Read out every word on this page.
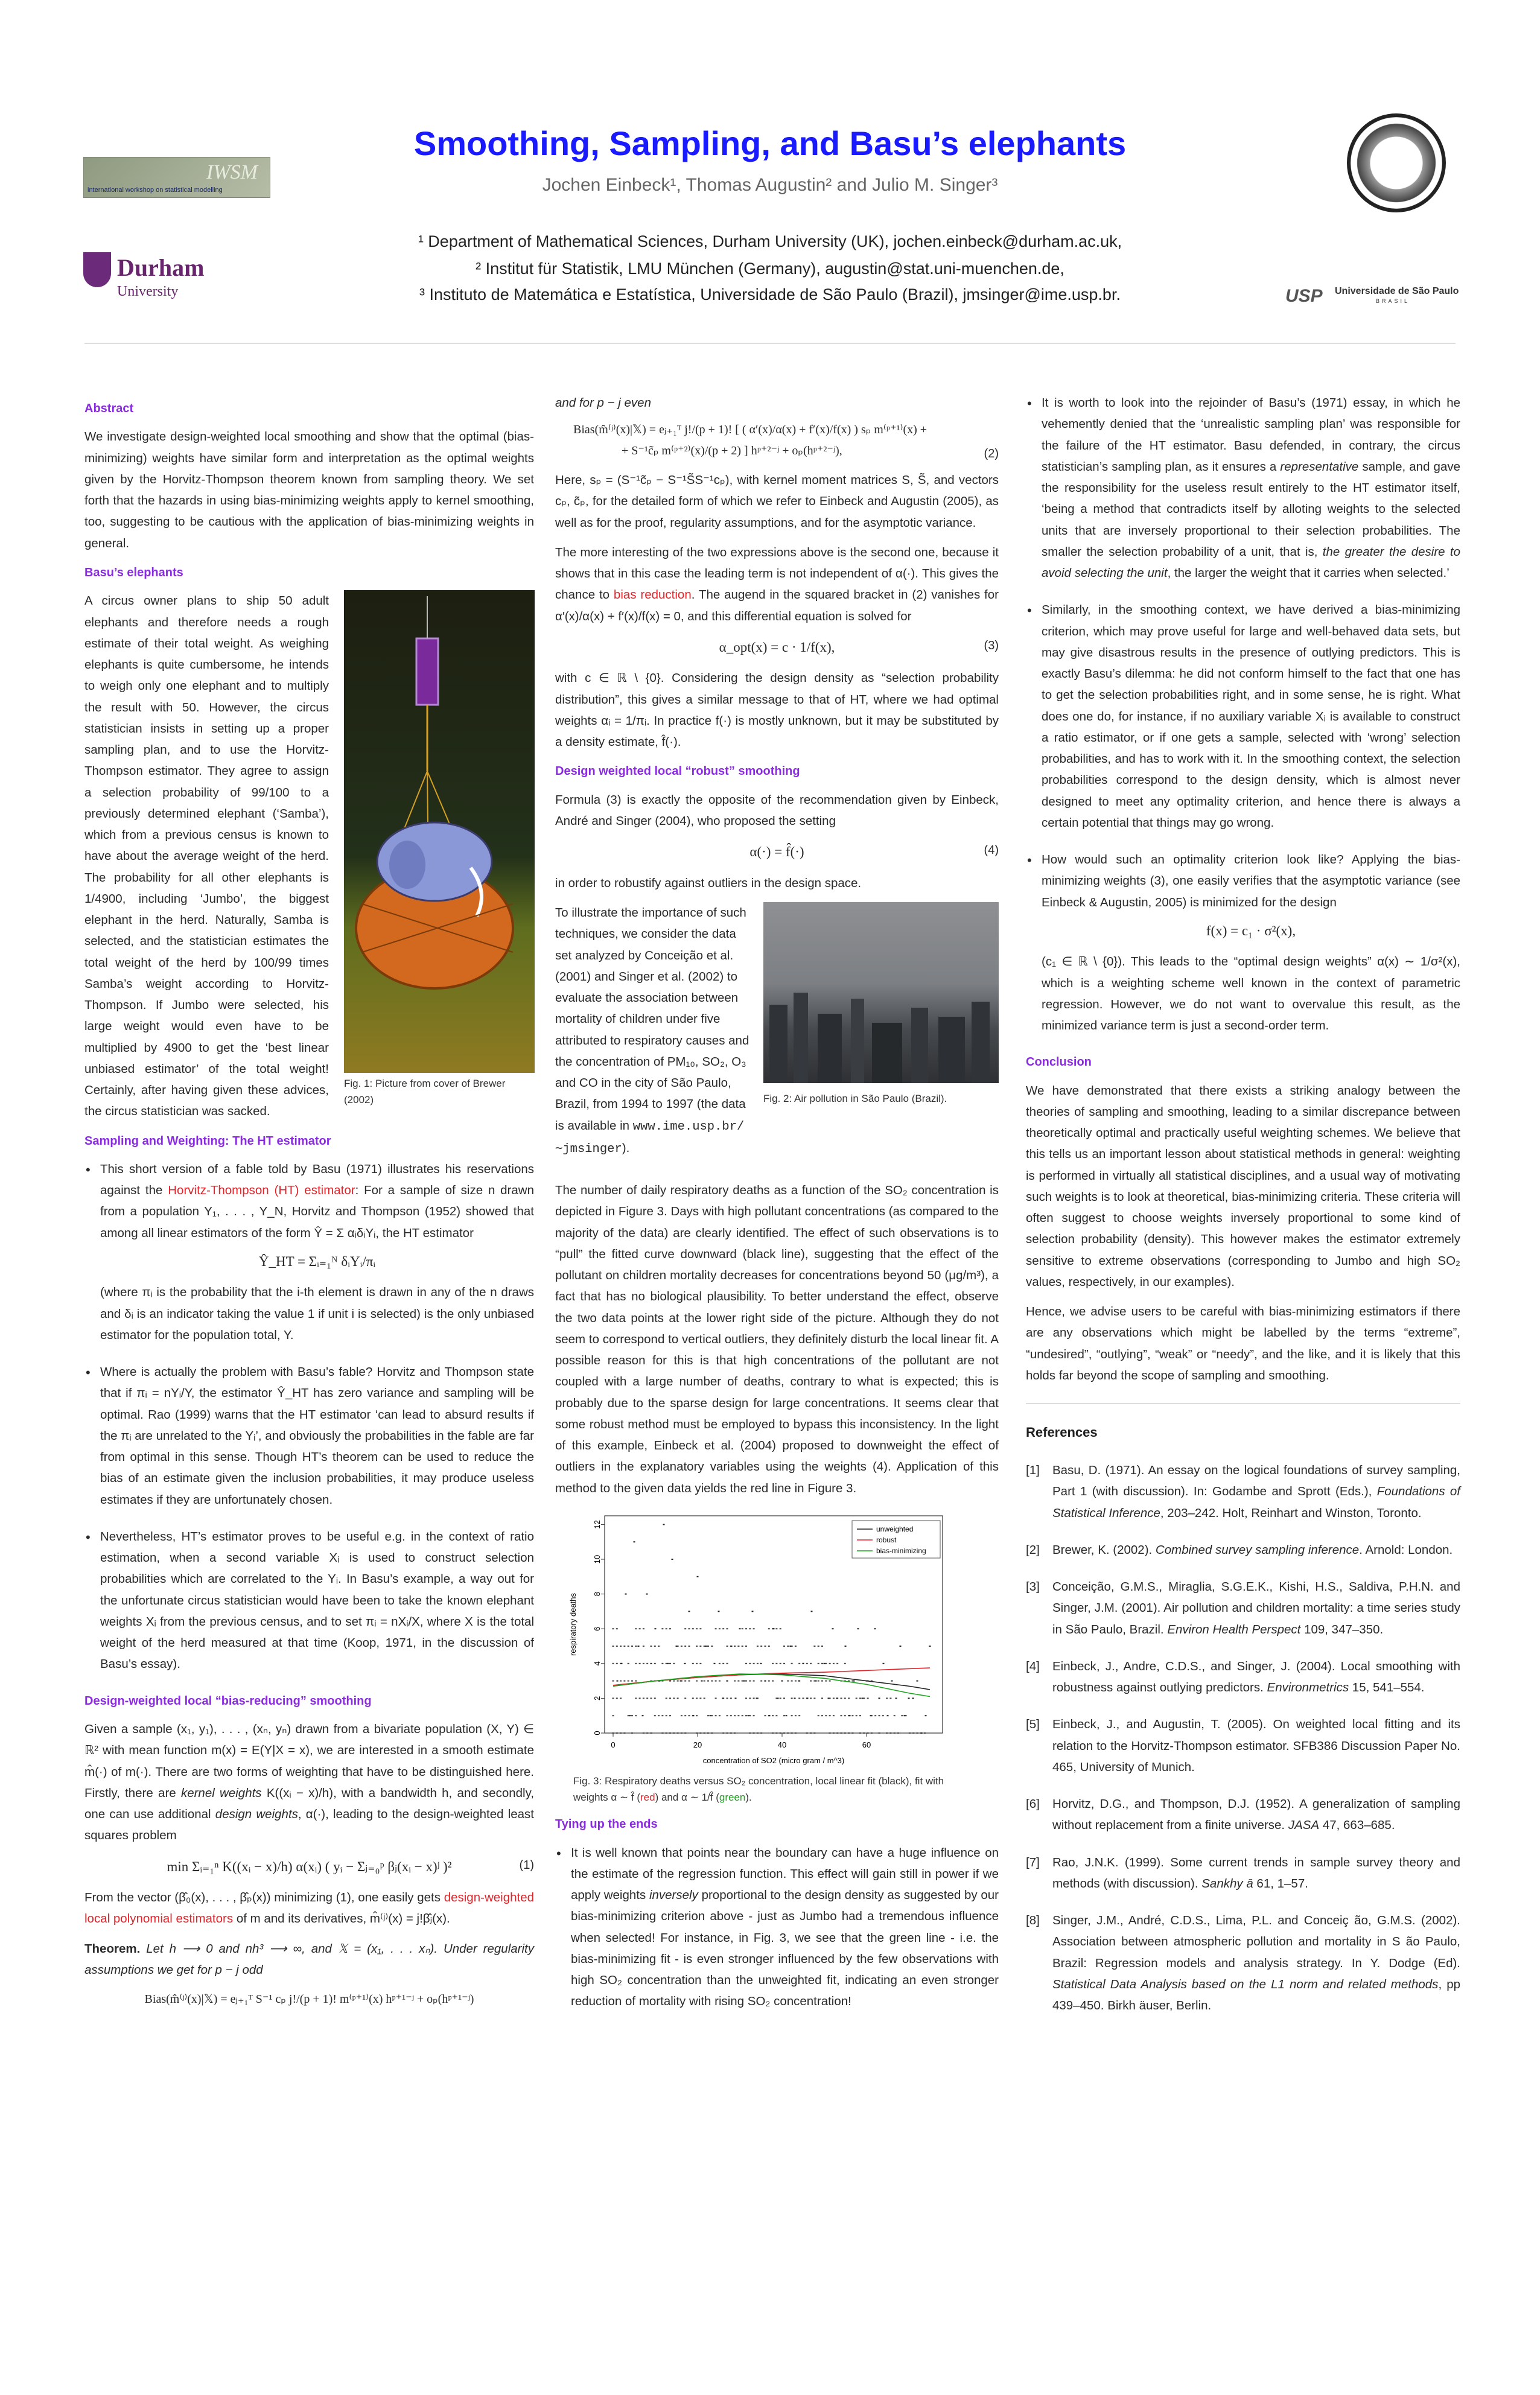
IWSM
international workshop on statistical modelling
Durham
University	USP Universidade de São Paulo
BRASIL
Smoothing, Sampling, and Basu’s elephants
Jochen Einbeck¹, Thomas Augustin² and Julio M. Singer³
¹ Department of Mathematical Sciences, Durham University (UK), jochen.einbeck@durham.ac.uk,
² Institut für Statistik, LMU München (Germany), augustin@stat.uni-muenchen.de,
³ Instituto de Matemática e Estatística, Universidade de São Paulo (Brazil), jmsinger@ime.usp.br.
Abstract

We investigate design-weighted local smoothing and show that the optimal (bias-minimizing) weights have similar form and interpretation as the optimal weights given by the Horvitz-Thompson theorem known from sampling theory. We set forth that the hazards in using bias-minimizing weights apply to kernel smoothing, too, suggesting to be cautious with the application of bias-minimizing weights in general.

Basu’s elephants

A circus owner plans to ship 50 adult elephants and therefore needs a rough estimate of their total weight. As weighing elephants is quite cumbersome, he intends to weigh only one elephant and to multiply the result with 50. However, the circus statistician insists in setting up a proper sampling plan, and to use the Horvitz-Thompson estimator. They agree to assign a selection probability of 99/100 to a previously determined elephant (‘Samba’), which from a previous census is known to have about the average weight of the herd. The probability for all other elephants is 1/4900, including ‘Jumbo’, the biggest elephant in the herd. Naturally, Samba is selected, and the statistician estimates the total weight of the herd by 100/99 times Samba’s weight according to Horvitz-Thompson. If Jumbo were selected, his large weight would even have to be multiplied by 4900 to get the ‘best linear unbiased estimator’ of the total weight! Certainly, after having given these advices, the circus statistician was sacked.

Fig. 1: Picture from cover of Brewer (2002)
Sampling and Weighting: The HT estimator
• This short version of a fable told by Basu (1971) illustrates his reservations against the Horvitz-Thompson (HT) estimator: For a sample of size n drawn from a population Y₁, . . . , Y_N, Horvitz and Thompson (1952) showed that among all linear estimators of the form Ŷ = Σ αᵢδᵢYᵢ, the HT estimator
Ŷ_HT = Σᵢ₌₁ᴺ δᵢYᵢ/πᵢ
(where πᵢ is the probability that the i-th element is drawn in any of the n draws and δᵢ is an indicator taking the value 1 if unit i is selected) is the only unbiased estimator for the population total, Y.
• Where is actually the problem with Basu’s fable? Horvitz and Thompson state that if πᵢ = nYᵢ/Y, the estimator Ŷ_HT has zero variance and sampling will be optimal. Rao (1999) warns that the HT estimator ‘can lead to absurd results if the πᵢ are unrelated to the Yᵢ’, and obviously the probabilities in the fable are far from optimal in this sense. Though HT’s theorem can be used to reduce the bias of an estimate given the inclusion probabilities, it may produce useless estimates if they are unfortunately chosen.
• Nevertheless, HT’s estimator proves to be useful e.g. in the context of ratio estimation, when a second variable Xᵢ is used to construct selection probabilities which are correlated to the Yᵢ. In Basu’s example, a way out for the unfortunate circus statistician would have been to take the known elephant weights Xᵢ from the previous census, and to set πᵢ = nXᵢ/X, where X is the total weight of the herd measured at that time (Koop, 1971, in the discussion of Basu’s essay).
Design-weighted local “bias-reducing” smoothing

Given a sample (x₁, y₁), . . . , (xₙ, yₙ) drawn from a bivariate population (X, Y) ∈ ℝ² with mean function m(x) = E(Y|X = x), we are interested in a smooth estimate m̂(·) of m(·). There are two forms of weighting that have to be distinguished here. Firstly, there are kernel weights K((xᵢ − x)/h), with a bandwidth h, and secondly, one can use additional design weights, α(·), leading to the design-weighted least squares problem

min Σᵢ₌₁ⁿ K((xᵢ − x)/h) α(xᵢ) ( yᵢ − Σⱼ₌₀ᵖ βⱼ(xᵢ − x)ʲ )²	(1)

From the vector (β̂₀(x), . . . , β̂ₚ(x)) minimizing (1), one easily gets design-weighted local polynomial estimators of m and its derivatives, m̂⁽ʲ⁾(x) = j!β̂ⱼ(x).

Theorem. Let h ⟶ 0 and nh³ ⟶ ∞, and 𝕏 = (x₁, . . . xₙ). Under regularity assumptions we get for p − j odd

Bias(m̂⁽ʲ⁾(x)|𝕏) = eⱼ₊₁ᵀ S⁻¹ cₚ j!/(p + 1)! m⁽ᵖ⁺¹⁾(x) hᵖ⁺¹⁻ʲ + oₚ(hᵖ⁺¹⁻ʲ)

and for p − j even

Bias(m̂⁽ʲ⁾(x)|𝕏) = eⱼ₊₁ᵀ j!/(p + 1)! [ ( α′(x)/α(x) + f′(x)/f(x) ) sₚ m⁽ᵖ⁺¹⁾(x) +
+ S⁻¹c̃ₚ m⁽ᵖ⁺²⁾(x)/(p + 2) ] hᵖ⁺²⁻ʲ + oₚ(hᵖ⁺²⁻ʲ),	(2)

Here, sₚ = (S⁻¹c̃ₚ − S⁻¹S̃S⁻¹cₚ), with kernel moment matrices S, S̃, and vectors cₚ, c̃ₚ, for the detailed form of which we refer to Einbeck and Augustin (2005), as well as for the proof, regularity assumptions, and for the asymptotic variance.

The more interesting of the two expressions above is the second one, because it shows that in this case the leading term is not independent of α(·). This gives the chance to bias reduction. The augend in the squared bracket in (2) vanishes for α′(x)/α(x) + f′(x)/f(x) = 0, and this differential equation is solved for

α_opt(x) = c · 1/f(x),	(3)

with c ∈ ℝ \ {0}. Considering the design density as “selection probability distribution”, this gives a similar message to that of HT, where we had optimal weights αᵢ = 1/πᵢ. In practice f(·) is mostly unknown, but it may be substituted by a density estimate, f̂(·).

Design weighted local “robust” smoothing

Formula (3) is exactly the opposite of the recommendation given by Einbeck, André and Singer (2004), who proposed the setting

α(·) = f̂(·)	(4)

in order to robustify against outliers in the design space.

To illustrate the importance of such techniques, we consider the data set analyzed by Conceição et al. (2001) and Singer et al. (2002) to evaluate the association between mortality of children under five attributed to respiratory causes and the concentration of PM₁₀, SO₂, O₃ and CO in the city of São Paulo, Brazil, from 1994 to 1997 (the data is available in www.ime.usp.br/∼jmsinger).

Fig. 2: Air pollution in São Paulo (Brazil).

The number of daily respiratory deaths as a function of the SO₂ concentration is depicted in Figure 3. Days with high pollutant concentrations (as compared to the majority of the data) are clearly identified. The effect of such observations is to “pull” the fitted curve downward (black line), suggesting that the effect of the pollutant on children mortality decreases for concentrations beyond 50 (μg/m³), a fact that has no biological plausibility. To better understand the effect, observe the two data points at the lower right side of the picture. Although they do not seem to correspond to vertical outliers, they definitely disturb the local linear fit. A possible reason for this is that high concentrations of the pollutant are not coupled with a large number of deaths, contrary to what is expected; this is probably due to the sparse design for large concentrations. It seems clear that some robust method must be employed to bypass this inconsistency. In the light of this example, Einbeck et al. (2004) proposed to downweight the effect of outliers in the explanatory variables using the weights (4). Application of this method to the given data yields the red line in Figure 3.

0	20	40	60
0
2
4
6
8
10
12
concentration of SO2 (micro gram / m^3)
respiratory deaths
unweighted
robust
bias-minimizing
Fig. 3: Respiratory deaths versus SO₂ concentration, local linear fit (black), fit with weights α ∼ f̂ (red) and α ∼ 1/f̂ (green).
Tying up the ends
• It is well known that points near the boundary can have a huge influence on the estimate of the regression function. This effect will gain still in power if we apply weights inversely proportional to the design density as suggested by our bias-minimizing criterion above - just as Jumbo had a tremendous influence when selected! For instance, in Fig. 3, we see that the green line - i.e. the bias-minimizing fit - is even stronger influenced by the few observations with high SO₂ concentration than the unweighted fit, indicating an even stronger reduction of mortality with rising SO₂ concentration!
• It is worth to look into the rejoinder of Basu’s (1971) essay, in which he vehemently denied that the ‘unrealistic sampling plan’ was responsible for the failure of the HT estimator. Basu defended, in contrary, the circus statistician’s sampling plan, as it ensures a representative sample, and gave the responsibility for the useless result entirely to the HT estimator itself, ‘being a method that contradicts itself by alloting weights to the selected units that are inversely proportional to their selection probabilities. The smaller the selection probability of a unit, that is, the greater the desire to avoid selecting the unit, the larger the weight that it carries when selected.’
• Similarly, in the smoothing context, we have derived a bias-minimizing criterion, which may prove useful for large and well-behaved data sets, but may give disastrous results in the presence of outlying predictors. This is exactly Basu’s dilemma: he did not conform himself to the fact that one has to get the selection probabilities right, and in some sense, he is right. What does one do, for instance, if no auxiliary variable Xᵢ is available to construct a ratio estimator, or if one gets a sample, selected with ‘wrong’ selection probabilities, and has to work with it. In the smoothing context, the selection probabilities correspond to the design density, which is almost never designed to meet any optimality criterion, and hence there is always a certain potential that things may go wrong.
• How would such an optimality criterion look like? Applying the bias-minimizing weights (3), one easily verifies that the asymptotic variance (see Einbeck & Augustin, 2005) is minimized for the design
f(x) = c₁ · σ²(x),
(c₁ ∈ ℝ \ {0}). This leads to the “optimal design weights” α(x) ∼ 1/σ²(x), which is a weighting scheme well known in the context of parametric regression. However, we do not want to overvalue this result, as the minimized variance term is just a second-order term.
Conclusion

We have demonstrated that there exists a striking analogy between the theories of sampling and smoothing, leading to a similar discrepance between theoretically optimal and practically useful weighting schemes. We believe that this tells us an important lesson about statistical methods in general: weighting is performed in virtually all statistical disciplines, and a usual way of motivating such weights is to look at theoretical, bias-minimizing criteria. These criteria will often suggest to choose weights inversely proportional to some kind of selection probability (density). This however makes the estimator extremely sensitive to extreme observations (corresponding to Jumbo and high SO₂ values, respectively, in our examples).

Hence, we advise users to be careful with bias-minimizing estimators if there are any observations which might be labelled by the terms “extreme”, “undesired”, “outlying”, “weak” or “needy”, and the like, and it is likely that this holds far beyond the scope of sampling and smoothing.

References
[1] Basu, D. (1971). An essay on the logical foundations of survey sampling, Part 1 (with discussion). In: Godambe and Sprott (Eds.), Foundations of Statistical Inference, 203–242. Holt, Reinhart and Winston, Toronto.
[2] Brewer, K. (2002). Combined survey sampling inference. Arnold: London.
[3] Conceição, G.M.S., Miraglia, S.G.E.K., Kishi, H.S., Saldiva, P.H.N. and Singer, J.M. (2001). Air pollution and children mortality: a time series study in São Paulo, Brazil. Environ Health Perspect 109, 347–350.
[4] Einbeck, J., Andre, C.D.S., and Singer, J. (2004). Local smoothing with robustness against outlying predictors. Environmetrics 15, 541–554.
[5] Einbeck, J., and Augustin, T. (2005). On weighted local fitting and its relation to the Horvitz-Thompson estimator. SFB386 Discussion Paper No. 465, University of Munich.
[6] Horvitz, D.G., and Thompson, D.J. (1952). A generalization of sampling without replacement from a finite universe. JASA 47, 663–685.
[7] Rao, J.N.K. (1999). Some current trends in sample survey theory and methods (with discussion). Sankhy ā 61, 1–57.
[8] Singer, J.M., André, C.D.S., Lima, P.L. and Conceiç ão, G.M.S. (2002). Association between atmospheric pollution and mortality in S ão Paulo, Brazil: Regression models and analysis strategy. In Y. Dodge (Ed). Statistical Data Analysis based on the L1 norm and related methods, pp 439–450. Birkh äuser, Berlin.
